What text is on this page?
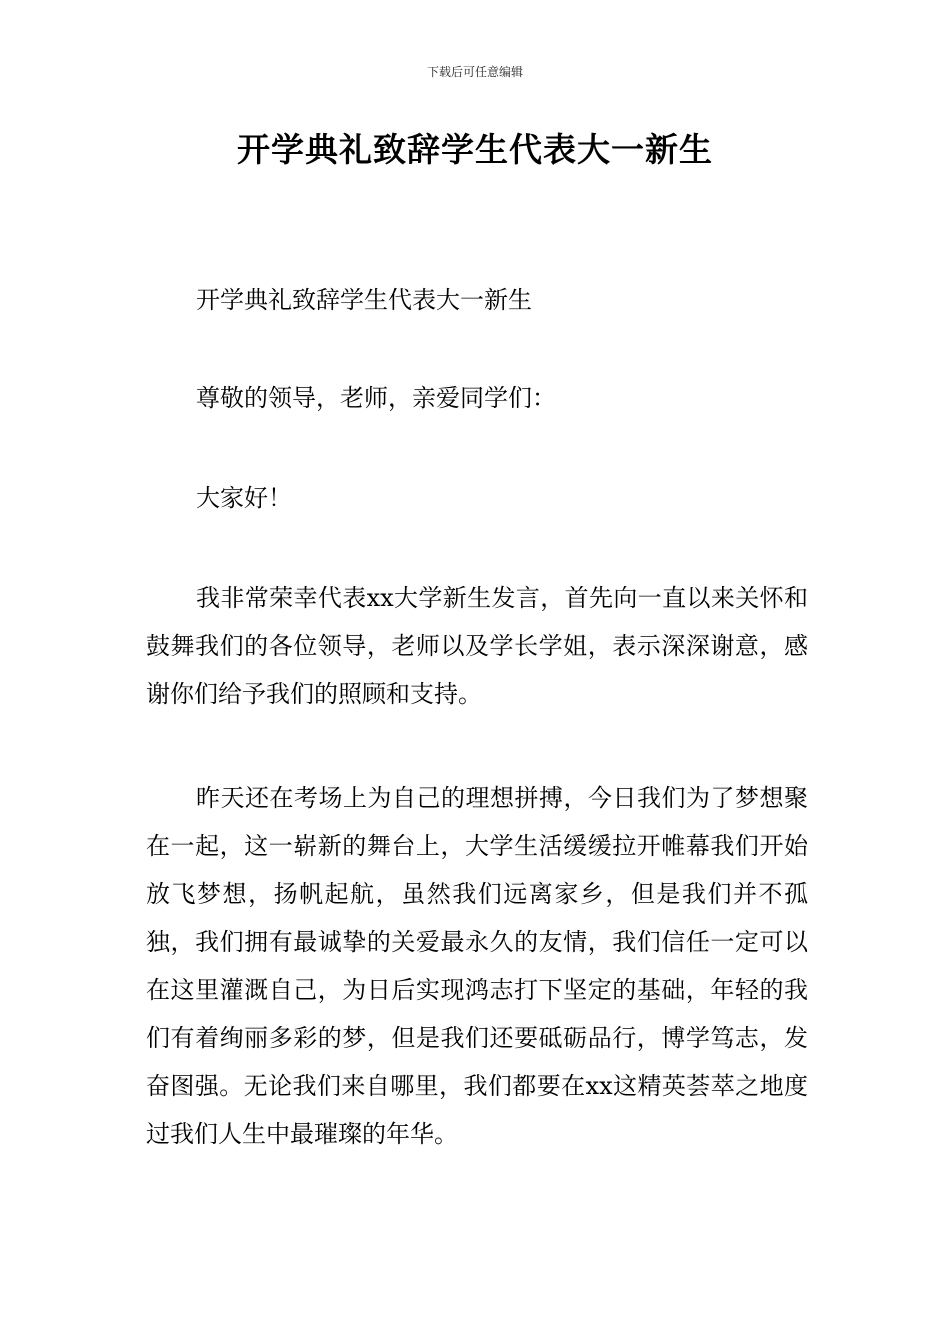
下载后可任意编辑
开学典礼致辞学生代表大一新生

开学典礼致辞学生代表大一新生

尊敬的领导，老师，亲爱同学们：

大家好！

我非常荣幸代表xx大学新生发言，首先向一直以来关怀和鼓舞我们的各位领导，老师以及学长学姐，表示深深谢意，感谢你们给予我们的照顾和支持。

昨天还在考场上为自己的理想拼搏，今日我们为了梦想聚在一起，这一崭新的舞台上，大学生活缓缓拉开帷幕我们开始放飞梦想，扬帆起航，虽然我们远离家乡，但是我们并不孤独，我们拥有最诚挚的关爱最永久的友情，我们信任一定可以在这里灌溉自己，为日后实现鸿志打下坚定的基础，年轻的我们有着绚丽多彩的梦，但是我们还要砥砺品行，博学笃志，发奋图强。无论我们来自哪里，我们都要在xx这精英荟萃之地度过我们人生中最璀璨的年华。
